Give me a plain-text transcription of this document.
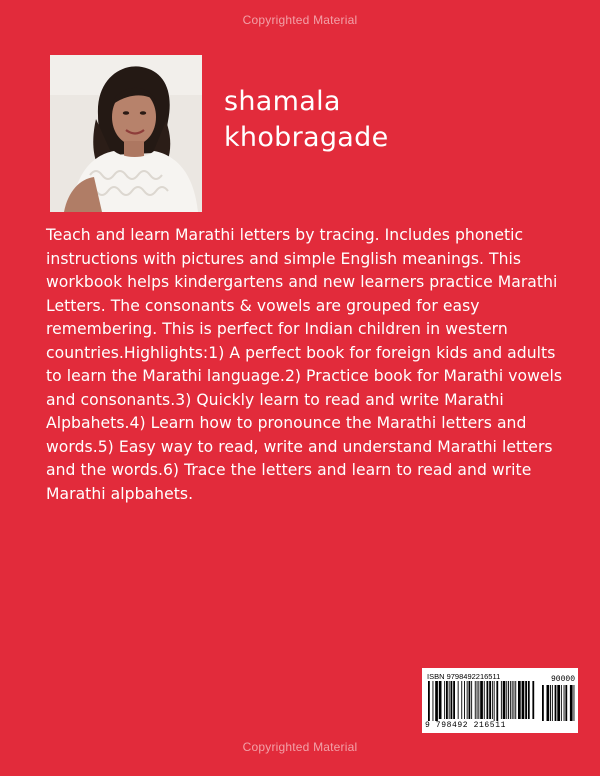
Copyrighted Material
shamala
khobragade

Teach and learn Marathi letters by tracing. Includes phonetic instructions with pictures and simple English meanings. This workbook helps kindergartens and new learners practice Marathi Letters. The consonants & vowels are grouped for easy remembering. This is perfect for Indian children in western countries.Highlights:1) A perfect book for foreign kids and adults to learn the Marathi language.2) Practice book for Marathi vowels and consonants.3) Quickly learn to read and write Marathi Alpbahets.4) Learn how to pronounce the Marathi letters and words.5) Easy way to read, write and understand Marathi letters and the words.6) Trace the letters and learn to read and write Marathi alpbahets.

ISBN 9798492216511	90000
9 798492 216511
Copyrighted Material
